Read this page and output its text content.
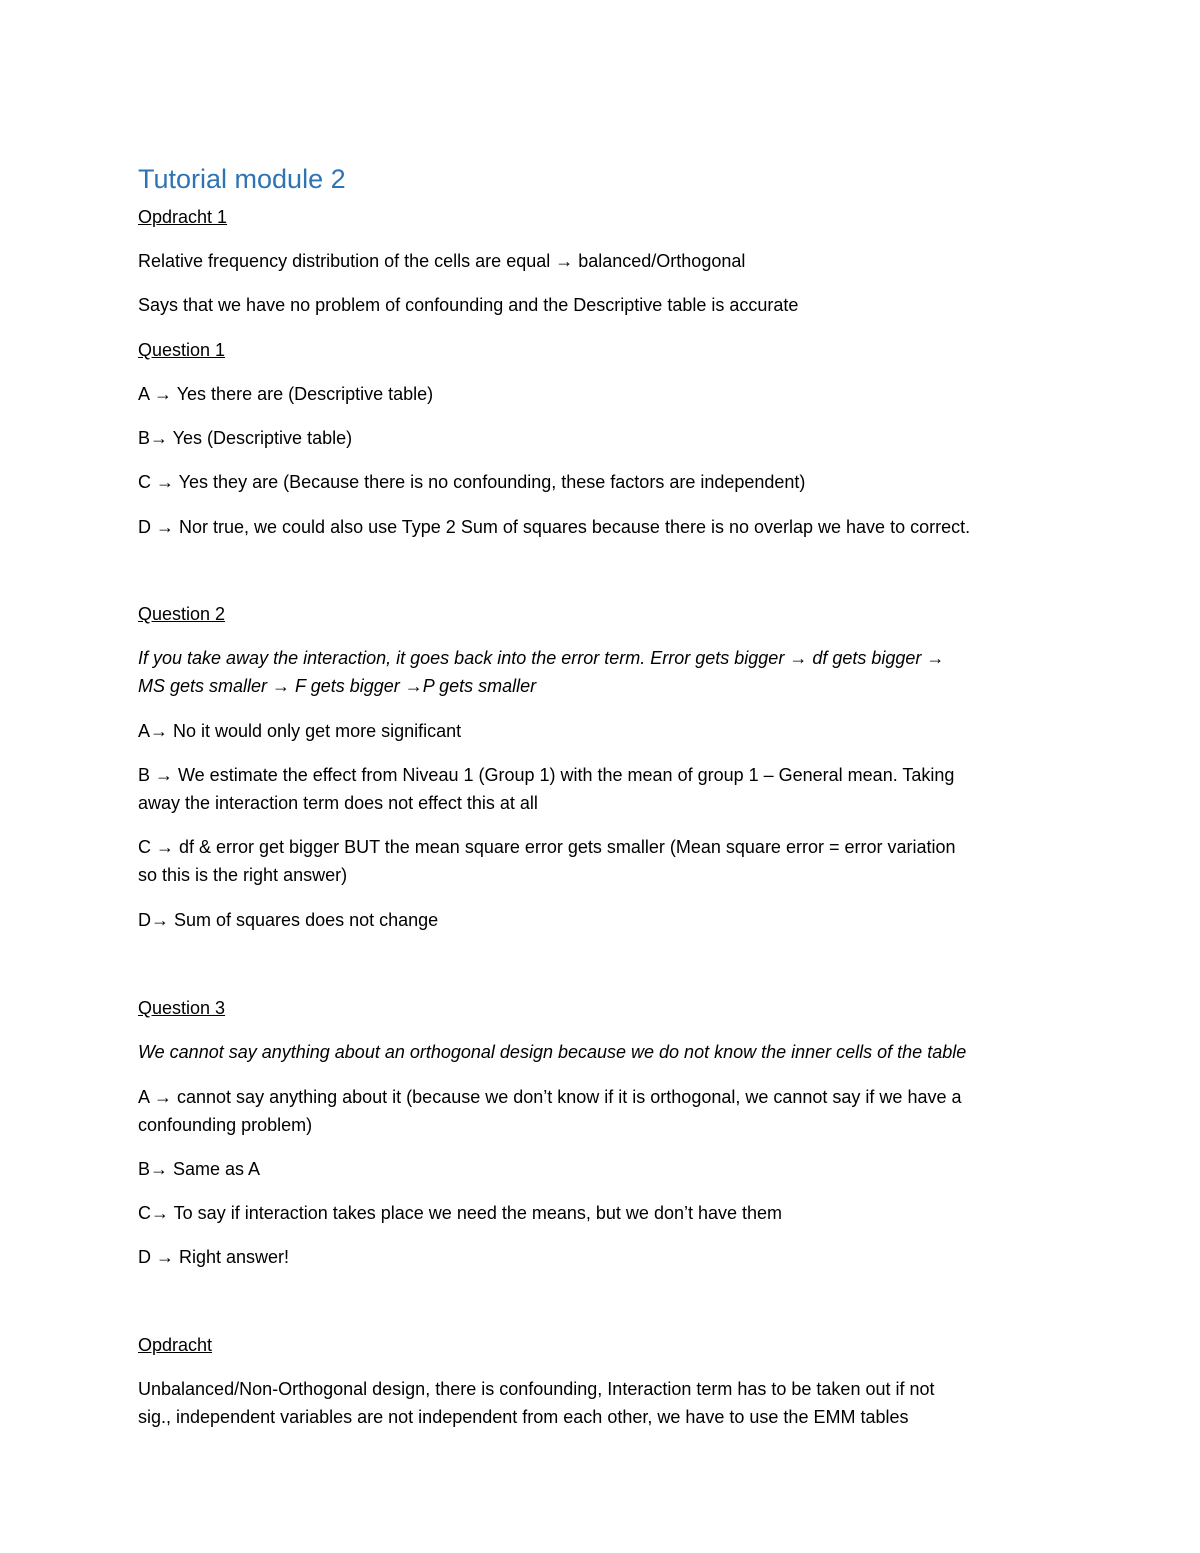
Tutorial module 2

Opdracht 1

Relative frequency distribution of the cells are equal → balanced/Orthogonal

Says that we have no problem of confounding and the Descriptive table is accurate

Question 1

A → Yes there are (Descriptive table)

B→ Yes (Descriptive table)

C → Yes they are (Because there is no confounding, these factors are independent)

D → Nor true, we could also use Type 2 Sum of squares because there is no overlap we have to correct.

Question 2

If you take away the interaction, it goes back into the error term. Error gets bigger → df gets bigger →

MS gets smaller → F gets bigger →P gets smaller

A→ No it would only get more significant

B → We estimate the effect from Niveau 1 (Group 1) with the mean of group 1 – General mean. Taking

away the interaction term does not effect this at all

C → df & error get bigger BUT the mean square error gets smaller (Mean square error = error variation

so this is the right answer)

D→ Sum of squares does not change

Question 3

We cannot say anything about an orthogonal design because we do not know the inner cells of the table

A → cannot say anything about it (because we don’t know if it is orthogonal, we cannot say if we have a

confounding problem)

B→ Same as A

C→ To say if interaction takes place we need the means, but we don’t have them

D → Right answer!

Opdracht

Unbalanced/Non-Orthogonal design, there is confounding, Interaction term has to be taken out if not

sig., independent variables are not independent from each other, we have to use the EMM tables
